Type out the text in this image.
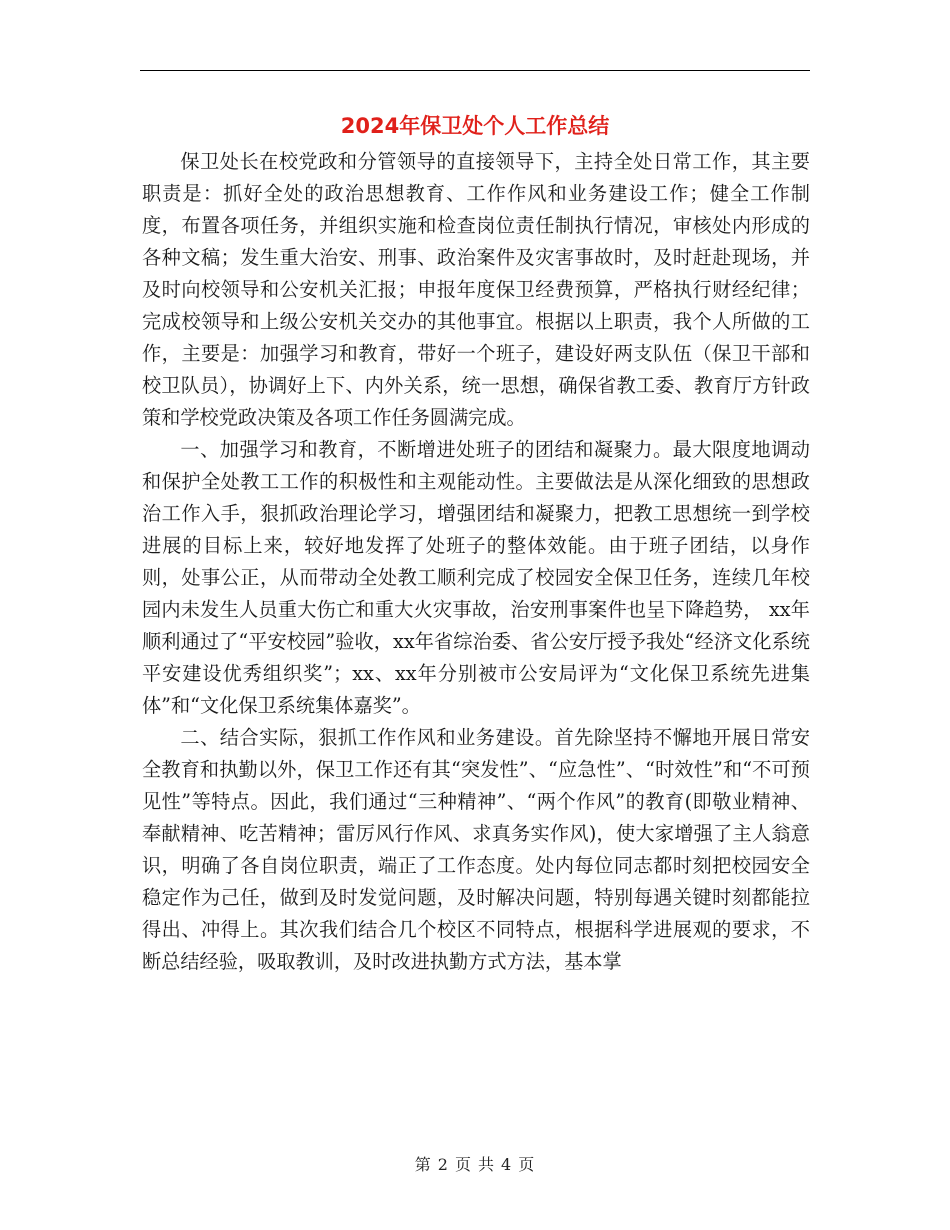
2024年保卫处个人工作总结

保卫处长在校党政和分管领导的直接领导下，主持全处日常工作，其主要职责是：抓好全处的政治思想教育、工作作风和业务建设工作；健全工作制度，布置各项任务，并组织实施和检查岗位责任制执行情况，审核处内形成的各种文稿；发生重大治安、刑事、政治案件及灾害事故时，及时赶赴现场，并及时向校领导和公安机关汇报；申报年度保卫经费预算，严格执行财经纪律；完成校领导和上级公安机关交办的其他事宜。根据以上职责，我个人所做的工作，主要是：加强学习和教育，带好一个班子，建设好两支队伍（保卫干部和校卫队员），协调好上下、内外关系，统一思想，确保省教工委、教育厅方针政策和学校党政决策及各项工作任务圆满完成。

一、加强学习和教育，不断增进处班子的团结和凝聚力。最大限度地调动和保护全处教工工作的积极性和主观能动性。主要做法是从深化细致的思想政治工作入手，狠抓政治理论学习，增强团结和凝聚力，把教工思想统一到学校进展的目标上来，较好地发挥了处班子的整体效能。由于班子团结，以身作则，处事公正，从而带动全处教工顺利完成了校园安全保卫任务，连续几年校园内未发生人员重大伤亡和重大火灾事故，治安刑事案件也呈下降趋势， xx年顺利通过了“平安校园”验收，xx年省综治委、省公安厅授予我处“经济文化系统平安建设优秀组织奖”；xx、xx年分别被市公安局评为“文化保卫系统先进集体”和“文化保卫系统集体嘉奖”。

二、结合实际，狠抓工作作风和业务建设。首先除坚持不懈地开展日常安全教育和执勤以外，保卫工作还有其“突发性”、“应急性”、“时效性”和“不可预见性”等特点。因此，我们通过“三种精神”、“两个作风”的教育(即敬业精神、奉献精神、吃苦精神；雷厉风行作风、求真务实作风)，使大家增强了主人翁意识，明确了各自岗位职责，端正了工作态度。处内每位同志都时刻把校园安全稳定作为己任，做到及时发觉问题，及时解决问题，特别每遇关键时刻都能拉得出、冲得上。其次我们结合几个校区不同特点，根据科学进展观的要求，不断总结经验，吸取教训，及时改进执勤方式方法，基本掌

第 2 页 共 4 页
